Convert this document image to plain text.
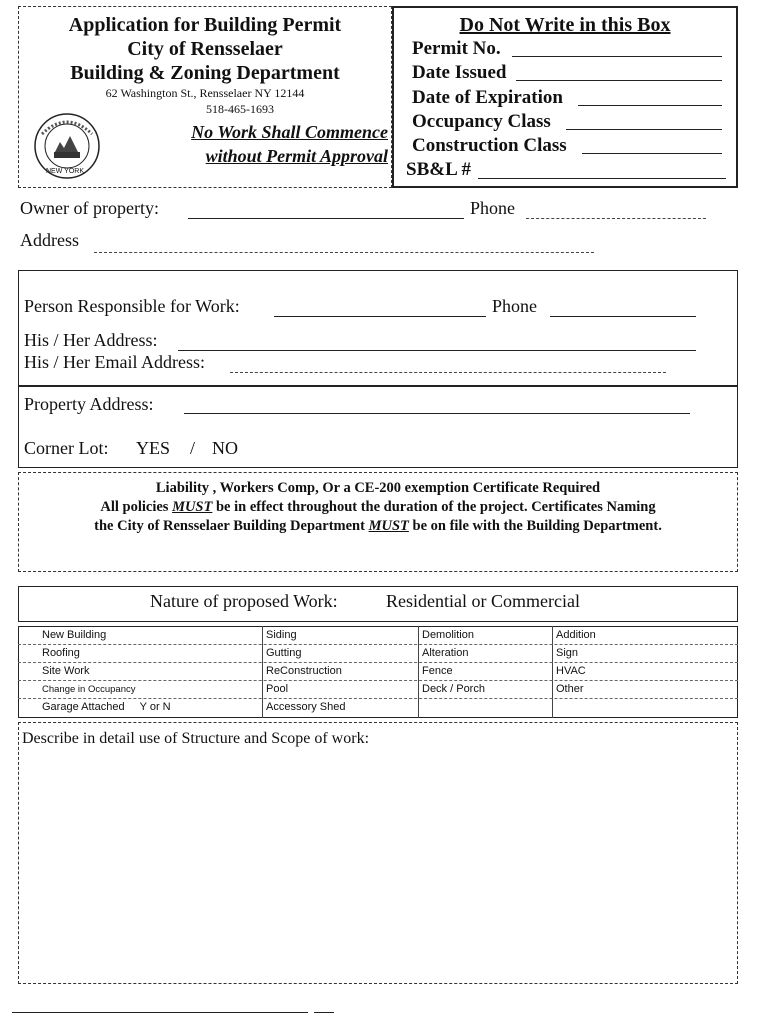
Application for Building Permit
City of Rensselaer
Building & Zoning Department
62 Washington St., Rensselaer NY 12144
518-465-1693
NEW YORK
No Work Shall Commence
without Permit Approval
Do Not Write in this Box
Permit No.
Date Issued
Date of Expiration
Occupancy Class
Construction Class
SB&L #
Owner of property:	Phone
Address
Person Responsible for Work:	Phone
His / Her Address:
His / Her Email Address:
Property Address:
Corner Lot: YES / NO
Liability , Workers Comp, Or a CE-200 exemption Certificate Required
All policies MUST be in effect throughout the duration of the project. Certificates Naming
the City of Rensselaer Building Department MUST be on file with the Building Department.
Nature of proposed Work:	Residential or Commercial
New Building	Siding	Demolition	Addition
Roofing	Gutting	Alteration	Sign
Site Work	ReConstruction	Fence	HVAC
Change in Occupancy	Pool	Deck / Porch	Other
Garage Attached     Y or N	Accessory Shed
Describe in detail use of Structure and Scope of work:
